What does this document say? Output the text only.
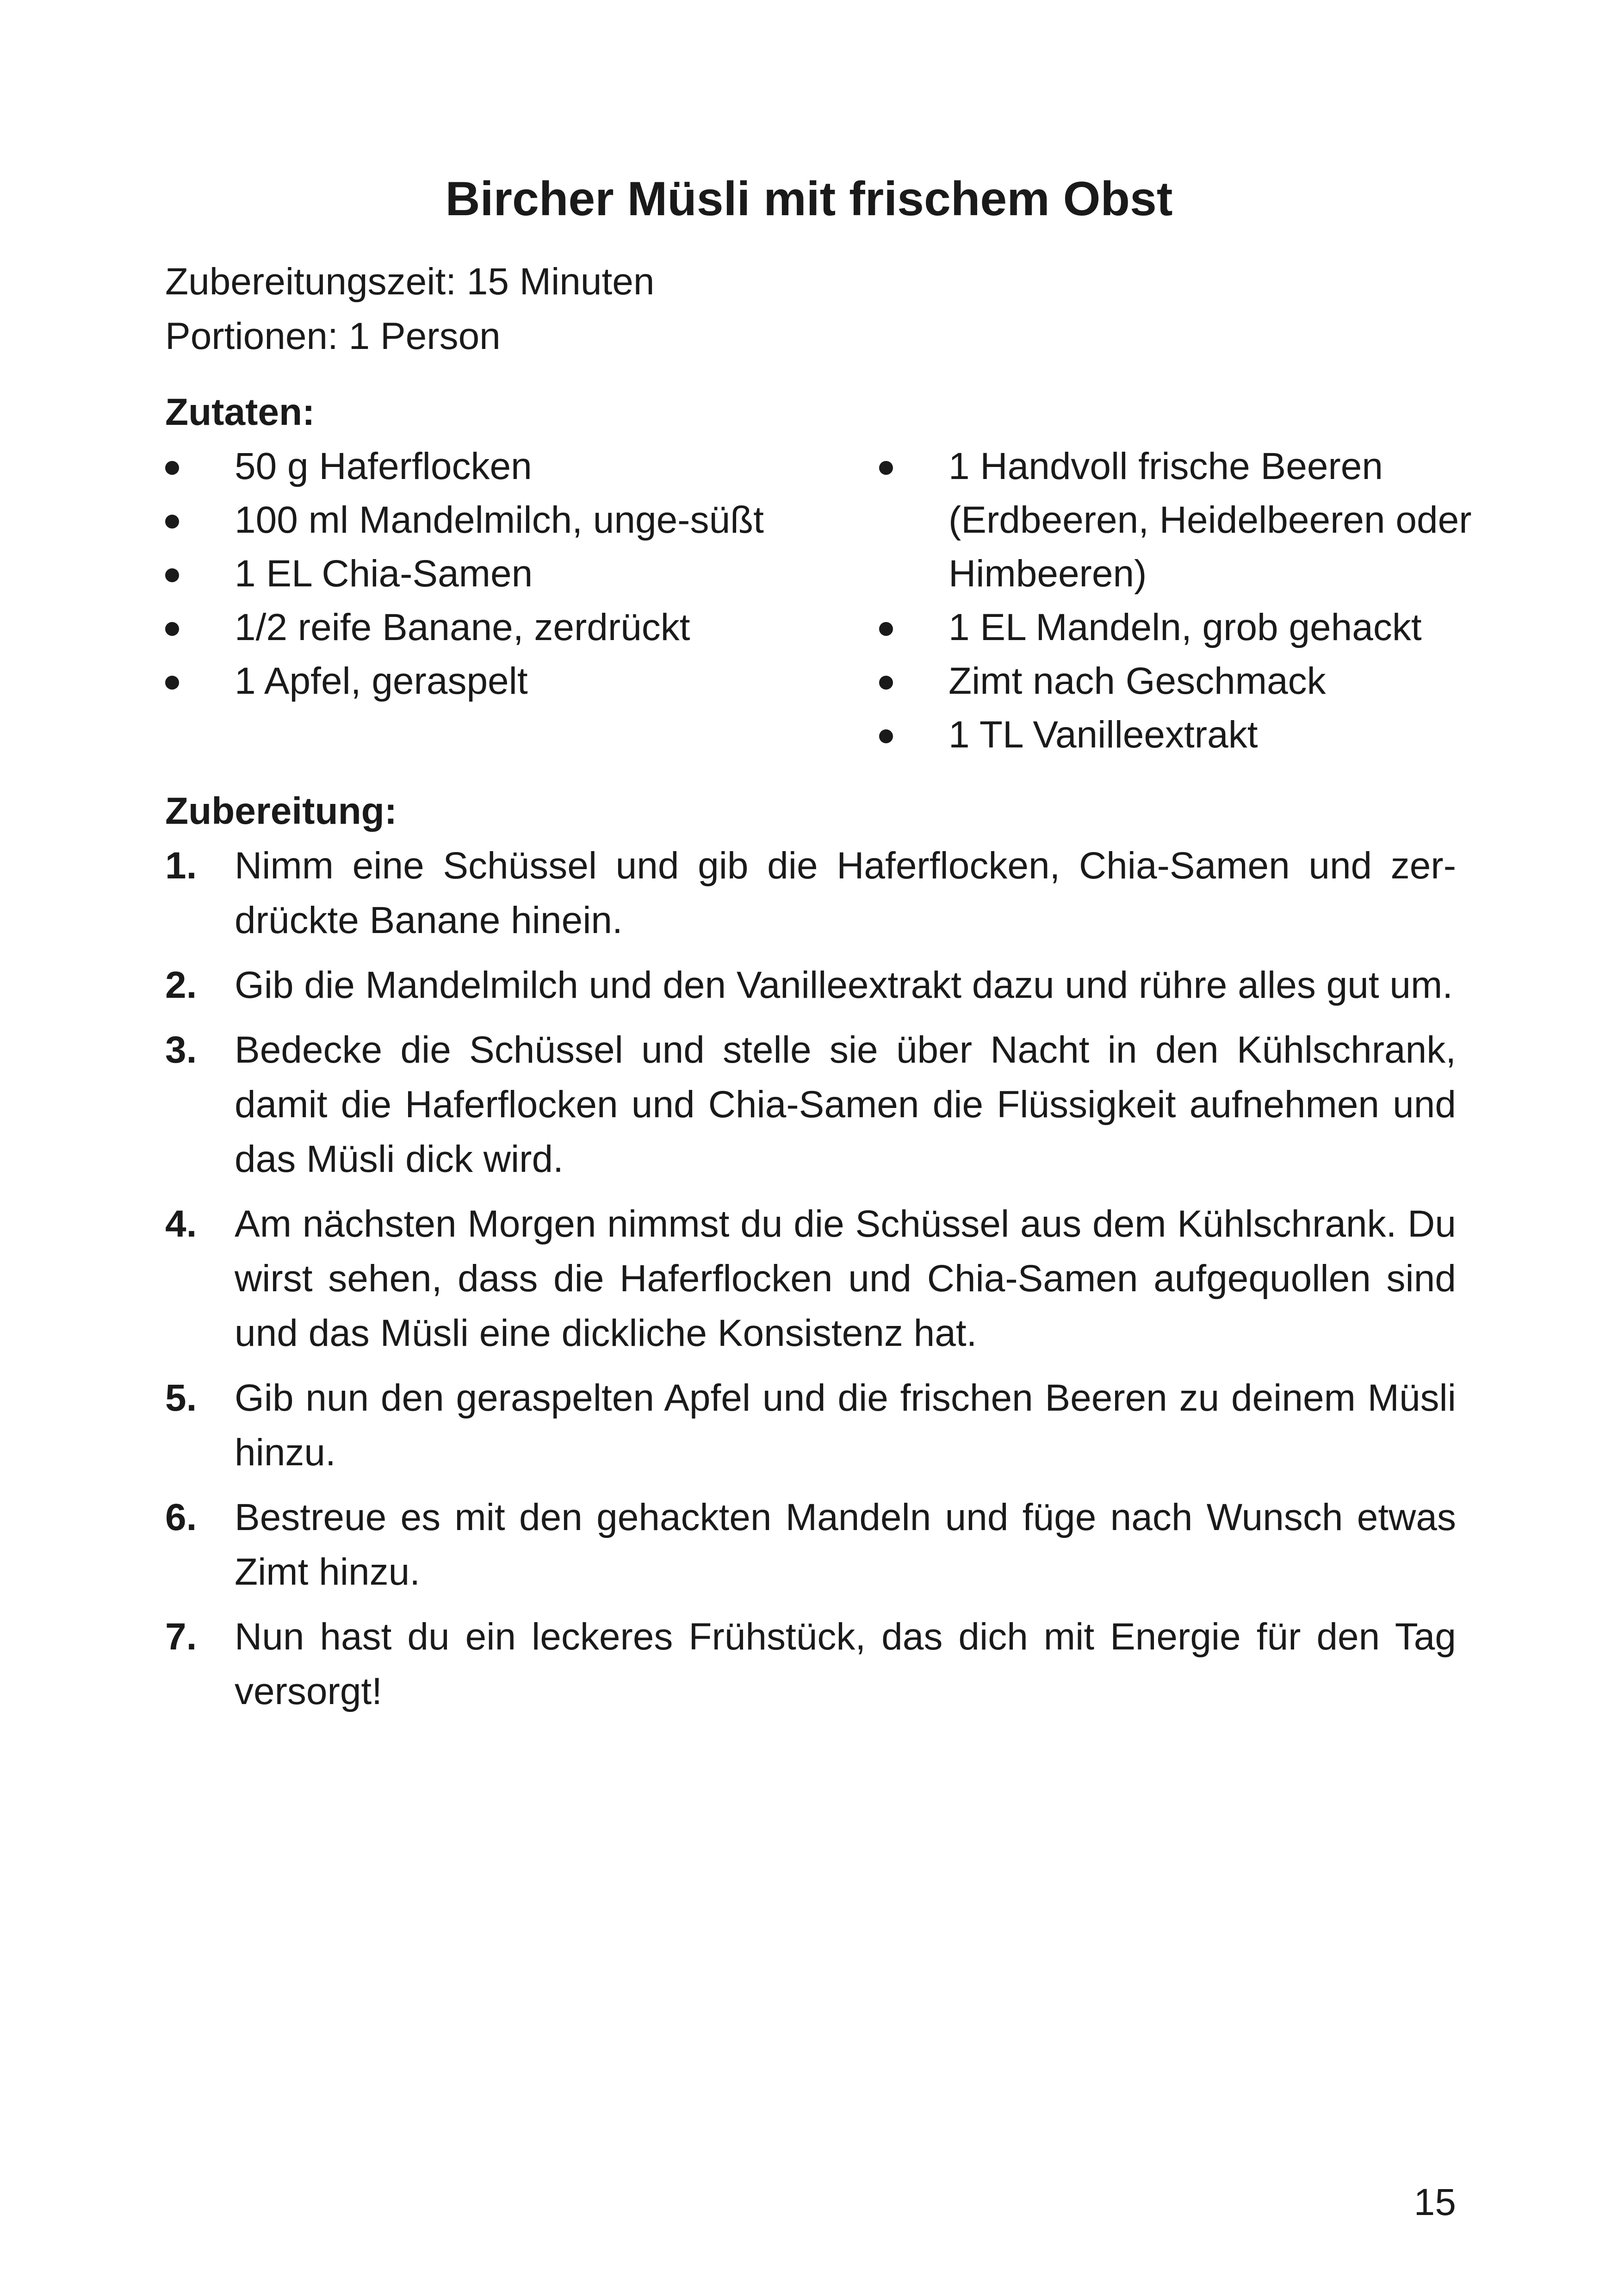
Bircher Müsli mit frischem Obst
Zubereitungszeit: 15 Minuten
Portionen: 1 Person
Zutaten:
50 g Haferflocken
100 ml Mandelmilch, unge-süßt
1 EL Chia-Samen
1/2 reife Banane, zerdrückt
1 Apfel, geraspelt
1 Handvoll frische Beeren (Erdbeeren, Heidelbeeren oder Himbeeren)
1 EL Mandeln, grob gehackt
Zimt nach Geschmack
1 TL Vanilleextrakt
Zubereitung:
1. Nimm eine Schüssel und gib die Haferflocken, Chia-Samen und zer-drückte Banane hinein.
2. Gib die Mandelmilch und den Vanilleextrakt dazu und rühre alles gut um.
3. Bedecke die Schüssel und stelle sie über Nacht in den Kühlschrank, damit die Haferflocken und Chia-Samen die Flüssigkeit aufnehmen und das Müsli dick wird.
4. Am nächsten Morgen nimmst du die Schüssel aus dem Kühlschrank. Du wirst sehen, dass die Haferflocken und Chia-Samen aufgequollen sind und das Müsli eine dickliche Konsistenz hat.
5. Gib nun den geraspelten Apfel und die frischen Beeren zu deinem Müsli hinzu.
6. Bestreue es mit den gehackten Mandeln und füge nach Wunsch etwas Zimt hinzu.
7. Nun hast du ein leckeres Frühstück, das dich mit Energie für den Tag versorgt!
15
